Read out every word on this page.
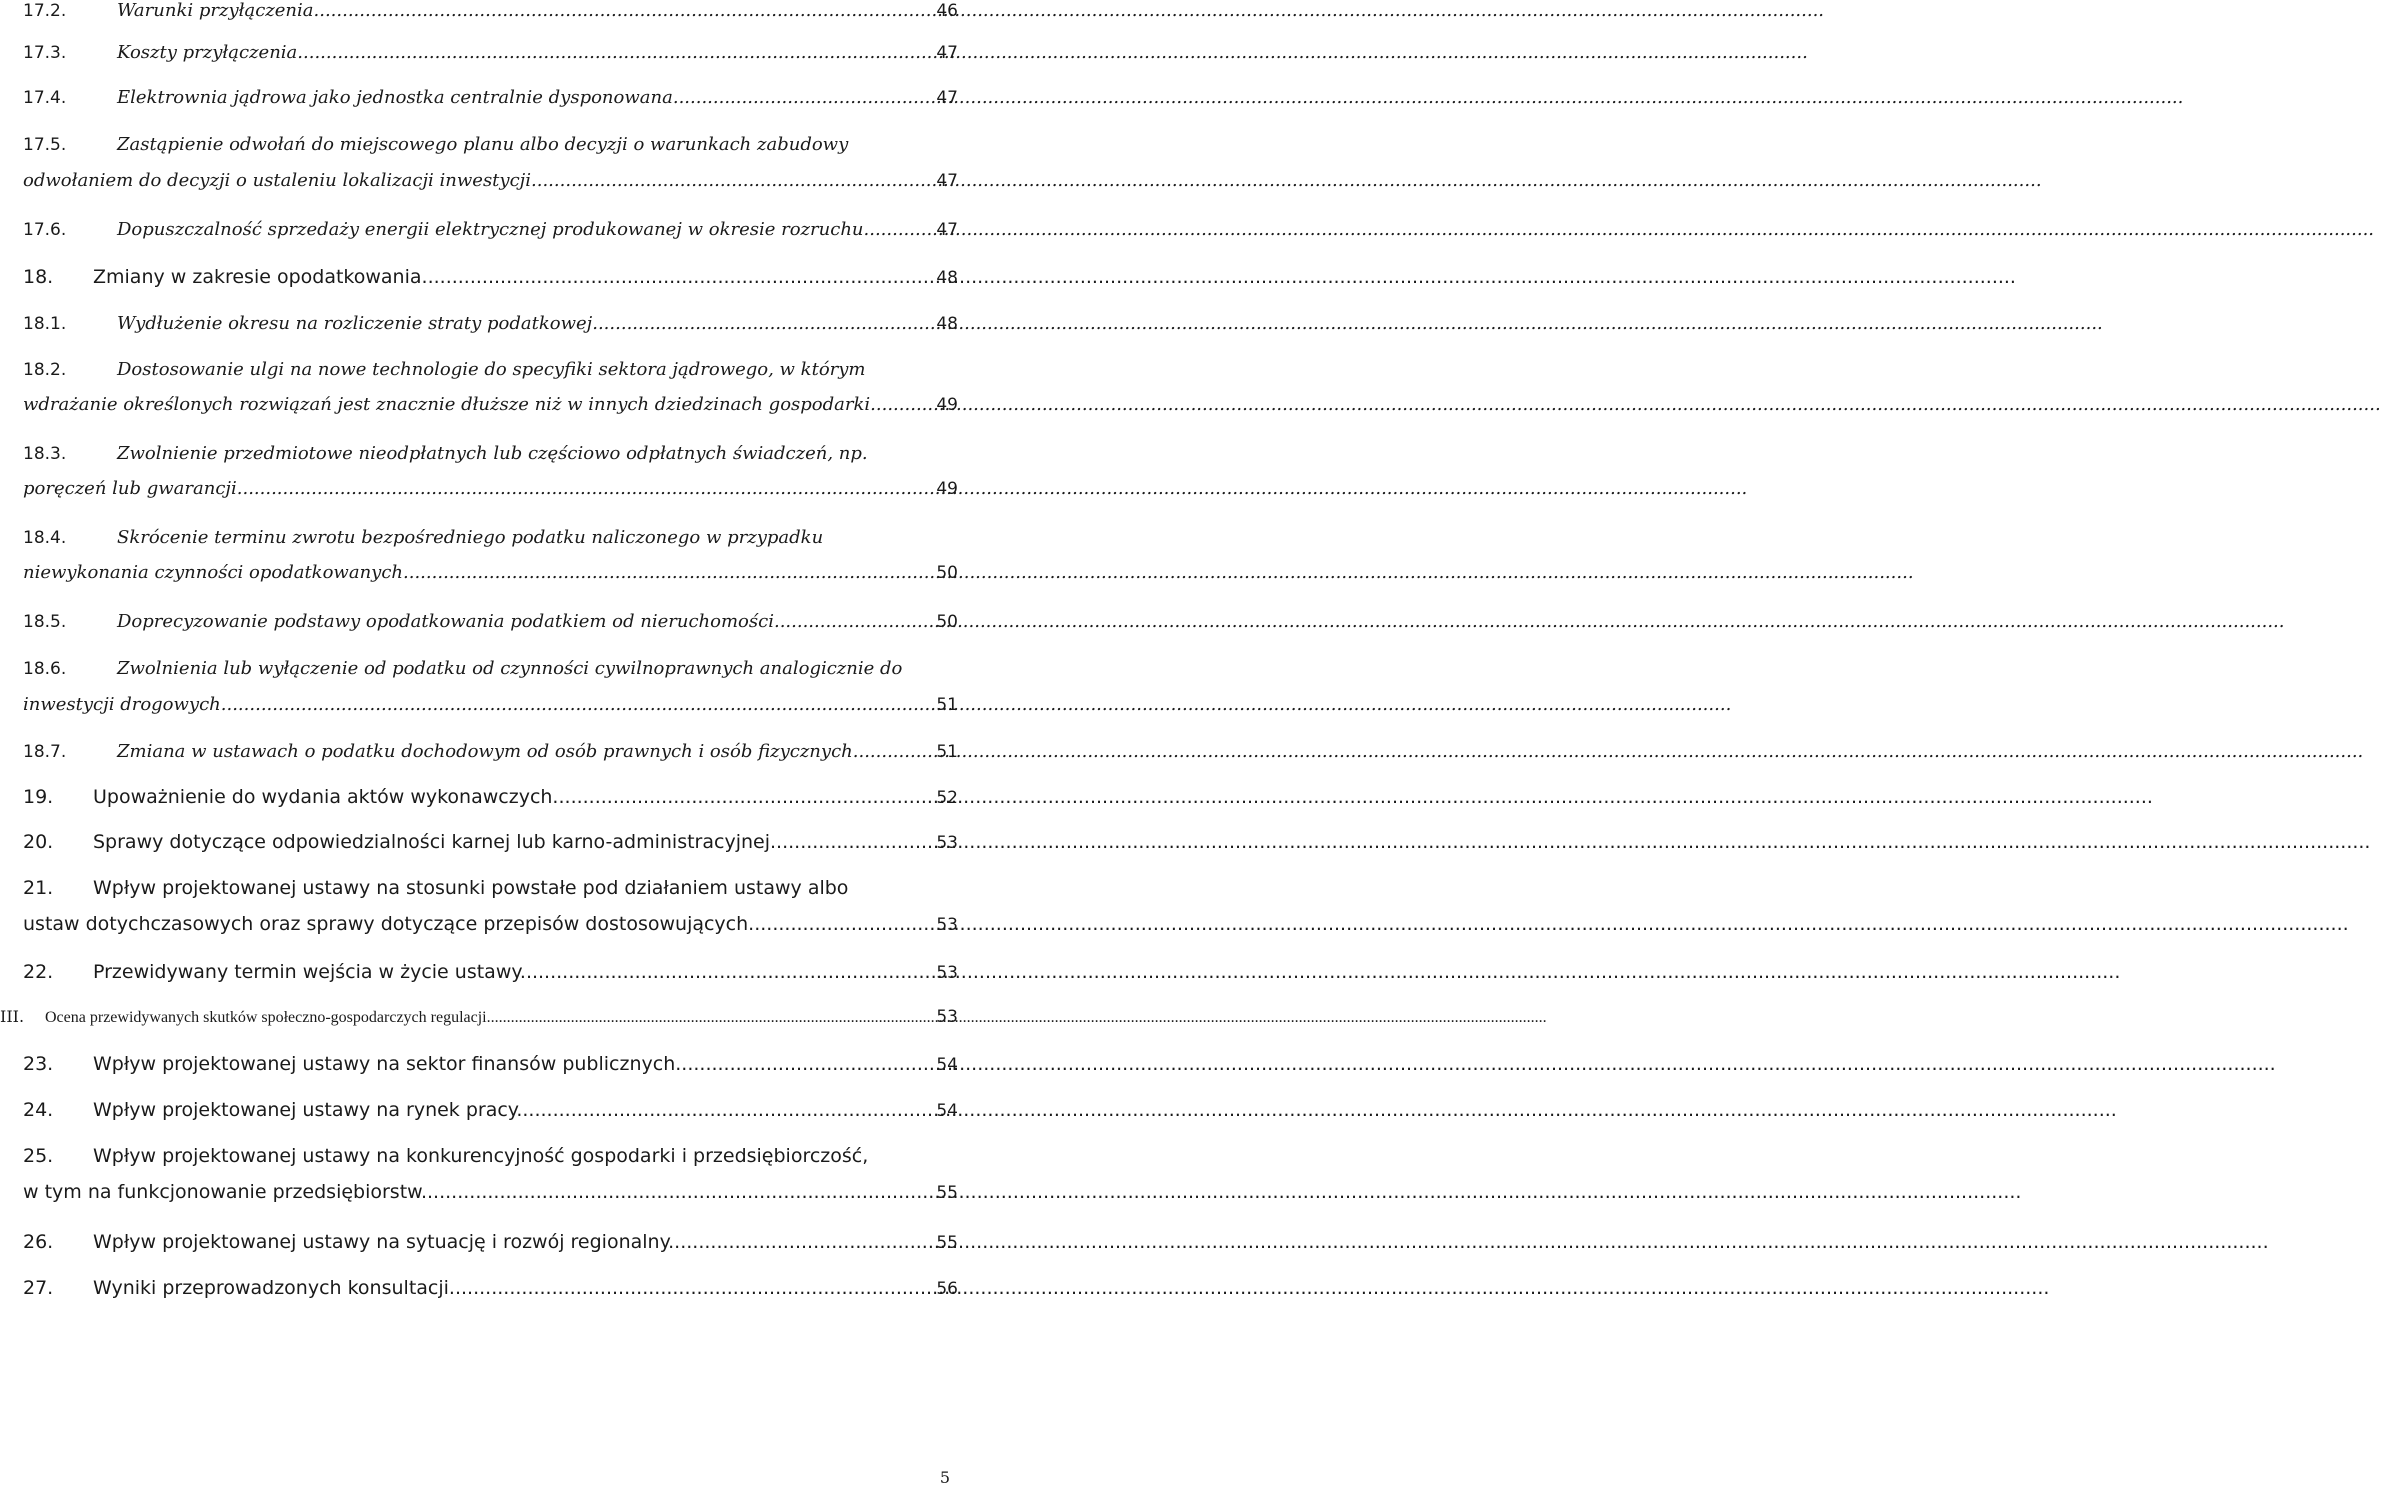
17.2.	Warunki przyłączenia .....	46
17.3.	Koszty przyłączenia .....	47
17.4.	Elektrownia jądrowa jako jednostka centralnie dysponowana .....	47
17.5.	Zastąpienie odwołań do miejscowego planu albo decyzji o warunkach zabudowy
odwołaniem do decyzji o ustaleniu lokalizacji inwestycji .....	47
17.6.	Dopuszczalność sprzedaży energii elektrycznej produkowanej w okresie rozruchu .....	47
18.	Zmiany w zakresie opodatkowania .....	48
18.1.	Wydłużenie okresu na rozliczenie straty podatkowej .....	48
18.2.	Dostosowanie ulgi na nowe technologie do specyfiki sektora jądrowego, w którym
wdrażanie określonych rozwiązań jest znacznie dłuższe niż w innych dziedzinach gospodarki .....	49
18.3.	Zwolnienie przedmiotowe nieodpłatnych lub częściowo odpłatnych świadczeń, np.
poręczeń lub gwarancji .....	49
18.4.	Skrócenie terminu zwrotu bezpośredniego podatku naliczonego w przypadku
niewykonania czynności opodatkowanych .....	50
18.5.	Doprecyzowanie podstawy opodatkowania podatkiem od nieruchomości .....	50
18.6.	Zwolnienia lub wyłączenie od podatku od czynności cywilnoprawnych analogicznie do
inwestycji drogowych .....	51
18.7.	Zmiana w ustawach o podatku dochodowym od osób prawnych i osób fizycznych .....	51
19.	Upoważnienie do wydania aktów wykonawczych. .....	52
20.	Sprawy dotyczące odpowiedzialności karnej lub karno-administracyjnej. .....	53
21.	Wpływ projektowanej ustawy na stosunki powstałe pod działaniem ustawy albo
ustaw dotychczasowych oraz sprawy dotyczące przepisów dostosowujących. .....	53
22.	Przewidywany termin wejścia w życie ustawy. .....	53
III.	Ocena przewidywanych skutków społeczno-gospodarczych regulacji. .....	53
23.	Wpływ projektowanej ustawy na sektor finansów publicznych. .....	54
24.	Wpływ projektowanej ustawy na rynek pracy. .....	54
25.	Wpływ projektowanej ustawy na konkurencyjność gospodarki i przedsiębiorczość,
w tym na funkcjonowanie przedsiębiorstw. .....	55
26.	Wpływ projektowanej ustawy na sytuację i rozwój regionalny. .....	55
27.	Wyniki przeprowadzonych konsultacji. .....	56
5
